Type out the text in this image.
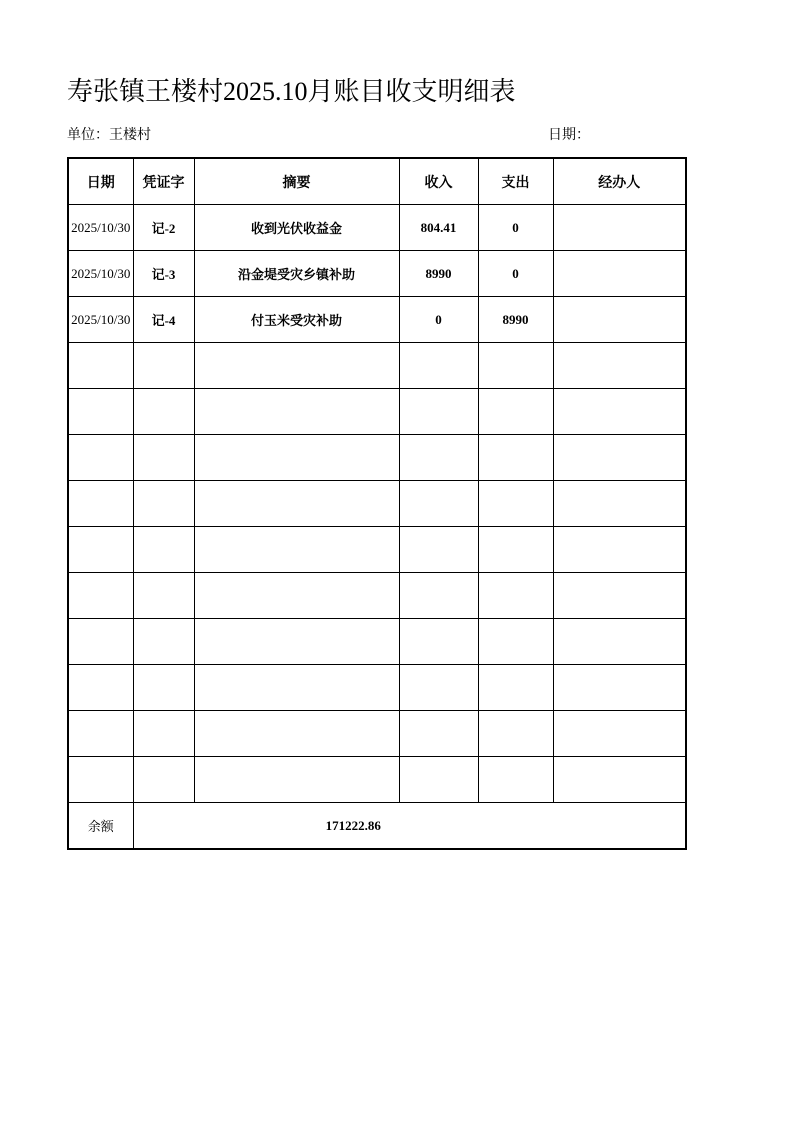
寿张镇王楼村2025.10月账目收支明细表
单位：王楼村	日期：
日期	凭证字	摘要	收入	支出	经办人
2025/10/30	记-2	收到光伏收益金	804.41	0	
2025/10/30	记-3	沿金堤受灾乡镇补助	8990	0	
2025/10/30	记-4	付玉米受灾补助	0	8990	

余额	171222.86				
